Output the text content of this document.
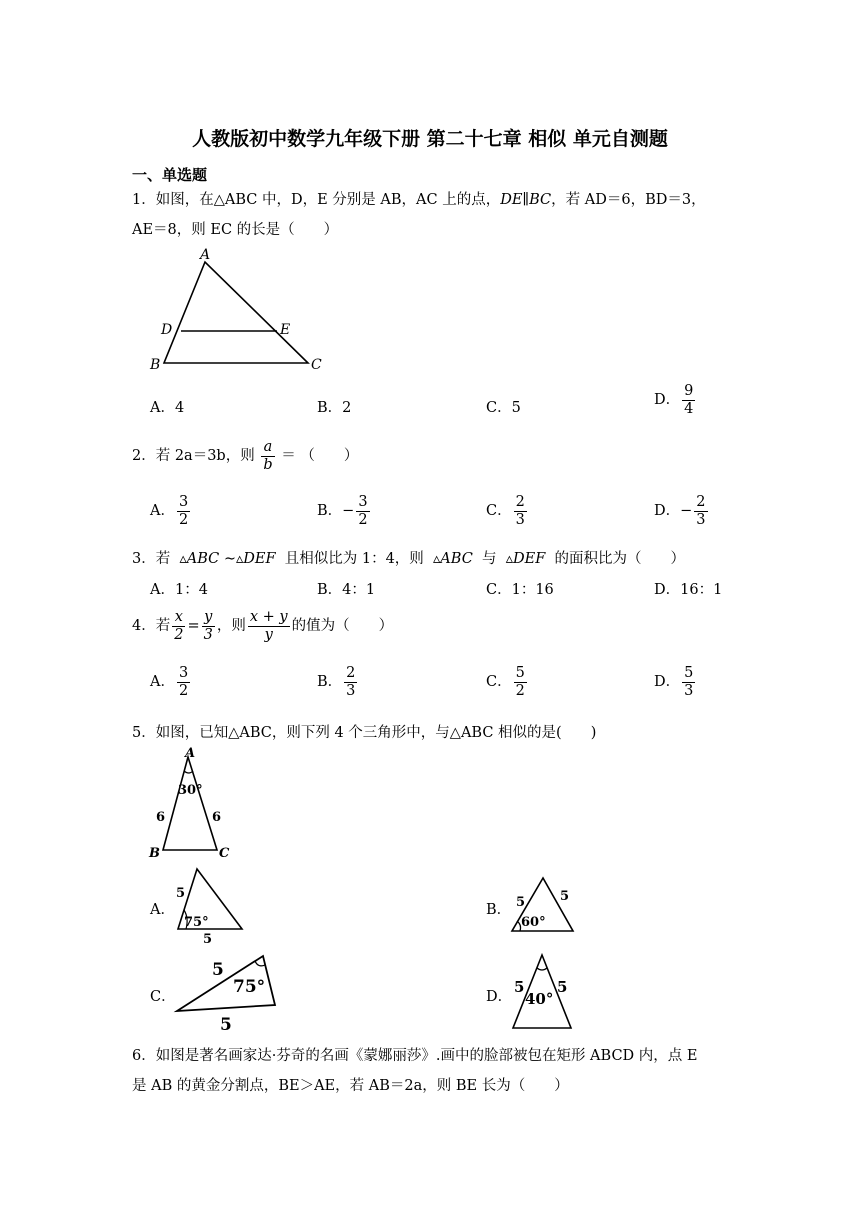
人教版初中数学九年级下册 第二十七章 相似 单元自测题
一、单选题
1．如图，在△ABC 中，D，E 分别是 AB，AC 上的点，DE∥BC，若 AD＝6，BD＝3，
AE＝8，则 EC 的长是（　　）
A
D	E
B	C
A．4	B．2	C．5	D． $\frac{9}{4}$
2．若 2a＝3b，则 $\frac{a}{b}$ ＝ （　　）
A． $\frac{3}{2}$	B．− $\frac{3}{2}$	C． $\frac{2}{3}$	D．− $\frac{2}{3}$
3．若 ▵ABC ∼▵DEF 且相似比为 1：4，则 ▵ABC 与 ▵DEF 的面积比为（　　）
A．1：4	B．4：1	C．1：16	D．16：1
4．若 $\frac{x}{2} = \frac{y}{3}$ ，则 $\frac{x + y}{y}$ 的值为（　　）
A． $\frac{3}{2}$	B． $\frac{2}{3}$	C． $\frac{5}{2}$	D． $\frac{5}{3}$
5．如图，已知△ABC，则下列 4 个三角形中，与△ABC 相似的是(　　)
A
30°
6	6
B	C
A．
5
75°
5
B． 5
60°
5
C．
5
75°
5
D．
5
40°
5
6．如图是著名画家达·芬奇的名画《蒙娜丽莎》.画中的脸部被包在矩形 ABCD 内，点 E
是 AB 的黄金分割点，BE＞AE，若 AB＝2a，则 BE 长为（　　）
